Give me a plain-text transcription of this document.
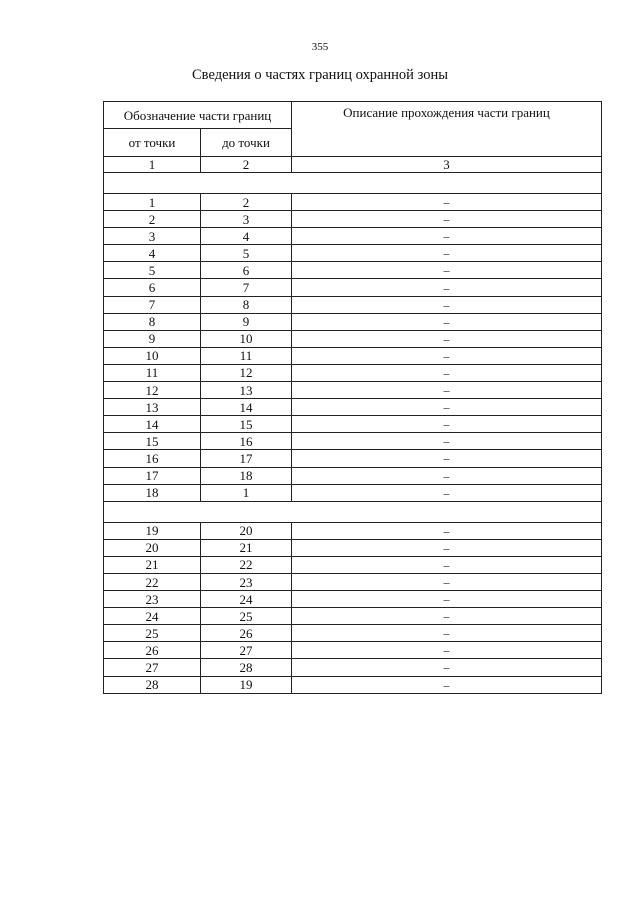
355
Сведения о частях границ охранной зоны
Обозначение части границ		Описание прохождения части границ
от точки	до точки	
1	2	3

1	2	–
2	3	–
3	4	–
4	5	–
5	6	–
6	7	–
7	8	–
8	9	–
9	10	–
10	11	–
11	12	–
12	13	–
13	14	–
14	15	–
15	16	–
16	17	–
17	18	–
18	1	–

19	20	–
20	21	–
21	22	–
22	23	–
23	24	–
24	25	–
25	26	–
26	27	–
27	28	–
28	19	–
